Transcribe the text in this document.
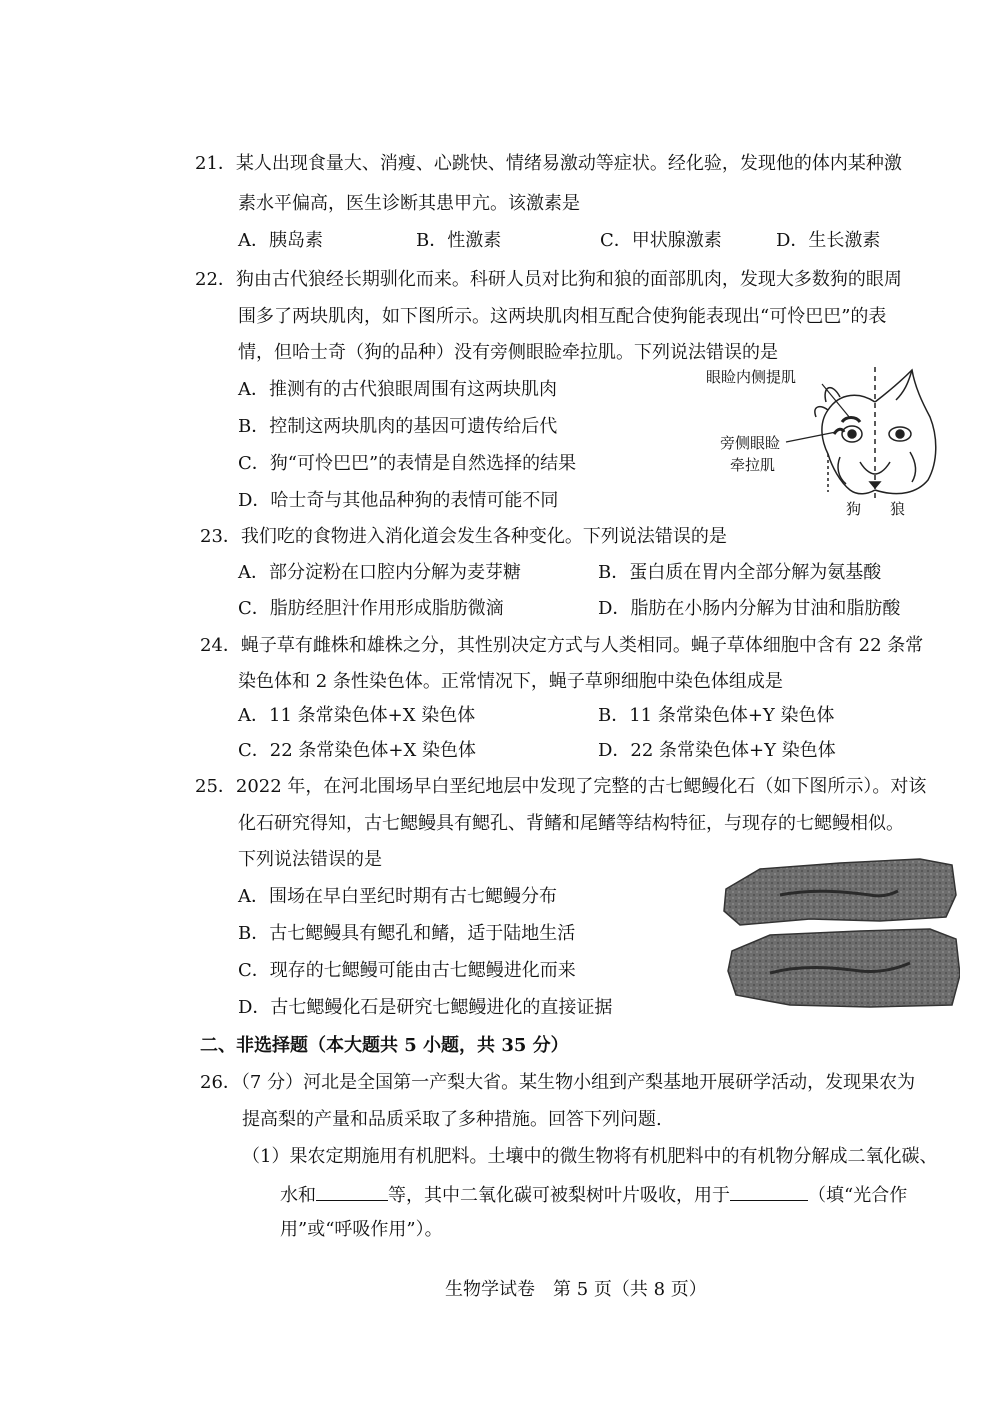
21．某人出现食量大、消瘦、心跳快、情绪易激动等症状。经化验，发现他的体内某种激
素水平偏高，医生诊断其患甲亢。该激素是
A．胰岛素	B．性激素	C．甲状腺激素	D．生长激素
22．狗由古代狼经长期驯化而来。科研人员对比狗和狼的面部肌肉，发现大多数狗的眼周
围多了两块肌肉，如下图所示。这两块肌肉相互配合使狗能表现出“可怜巴巴”的表
情，但哈士奇（狗的品种）没有旁侧眼睑牵拉肌。下列说法错误的是
A．推测有的古代狼眼周围有这两块肌肉
B．控制这两块肌肉的基因可遗传给后代
C．狗“可怜巴巴”的表情是自然选择的结果
D．哈士奇与其他品种狗的表情可能不同
眼睑内侧提肌
旁侧眼睑
牵拉肌
狗 狼
23．我们吃的食物进入消化道会发生各种变化。下列说法错误的是
A．部分淀粉在口腔内分解为麦芽糖	B．蛋白质在胃内全部分解为氨基酸
C．脂肪经胆汁作用形成脂肪微滴	D．脂肪在小肠内分解为甘油和脂肪酸
24．蝇子草有雌株和雄株之分，其性别决定方式与人类相同。蝇子草体细胞中含有 22 条常
染色体和 2 条性染色体。正常情况下，蝇子草卵细胞中染色体组成是
A．11 条常染色体+X 染色体	B．11 条常染色体+Y 染色体
C．22 条常染色体+X 染色体	D．22 条常染色体+Y 染色体
25．2022 年，在河北围场早白垩纪地层中发现了完整的古七鳃鳗化石（如下图所示）。对该
化石研究得知，古七鳃鳗具有鳃孔、背鳍和尾鳍等结构特征，与现存的七鳃鳗相似。
下列说法错误的是
A．围场在早白垩纪时期有古七鳃鳗分布
B．古七鳃鳗具有鳃孔和鳍，适于陆地生活
C．现存的七鳃鳗可能由古七鳃鳗进化而来
D．古七鳃鳗化石是研究七鳃鳗进化的直接证据
二、非选择题（本大题共 5 小题，共 35 分）
26．（7 分）河北是全国第一产梨大省。某生物小组到产梨基地开展研学活动，发现果农为
提高梨的产量和品质采取了多种措施。回答下列问题.
（1）果农定期施用有机肥料。土壤中的微生物将有机肥料中的有机物分解成二氧化碳、
水和	等，其中二氧化碳可被梨树叶片吸收，用于	（填“光合作
用”或“呼吸作用”）。
生物学试卷　第 5 页（共 8 页）
